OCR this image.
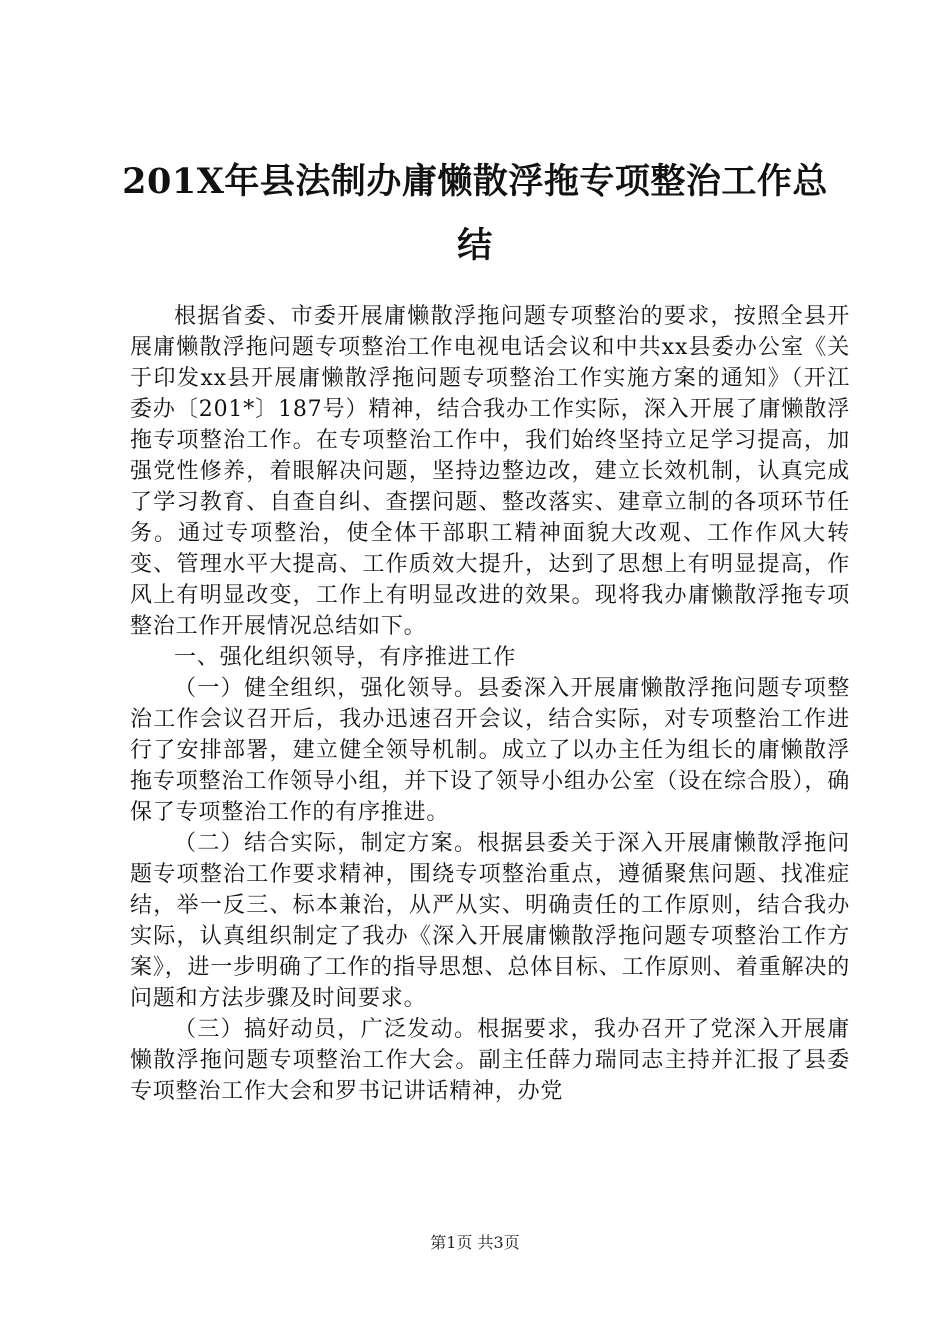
201X年县法制办庸懒散浮拖专项整治工作总
结

根据省委、市委开展庸懒散浮拖问题专项整治的要求，按照全县开展庸懒散浮拖问题专项整治工作电视电话会议和中共xx县委办公室《关于印发xx县开展庸懒散浮拖问题专项整治工作实施方案的通知》（开江委办〔201*〕187号）精神，结合我办工作实际，深入开展了庸懒散浮拖专项整治工作。在专项整治工作中，我们始终坚持立足学习提高，加强党性修养，着眼解决问题，坚持边整边改，建立长效机制，认真完成了学习教育、自查自纠、查摆问题、整改落实、建章立制的各项环节任务。通过专项整治，使全体干部职工精神面貌大改观、工作作风大转变、管理水平大提高、工作质效大提升，达到了思想上有明显提高，作风上有明显改变，工作上有明显改进的效果。现将我办庸懒散浮拖专项整治工作开展情况总结如下。

一、强化组织领导，有序推进工作

（一）健全组织，强化领导。县委深入开展庸懒散浮拖问题专项整治工作会议召开后，我办迅速召开会议，结合实际，对专项整治工作进行了安排部署，建立健全领导机制。成立了以办主任为组长的庸懒散浮拖专项整治工作领导小组，并下设了领导小组办公室（设在综合股），确保了专项整治工作的有序推进。

（二）结合实际，制定方案。根据县委关于深入开展庸懒散浮拖问题专项整治工作要求精神，围绕专项整治重点，遵循聚焦问题、找准症结，举一反三、标本兼治，从严从实、明确责任的工作原则，结合我办实际，认真组织制定了我办《深入开展庸懒散浮拖问题专项整治工作方案》，进一步明确了工作的指导思想、总体目标、工作原则、着重解决的问题和方法步骤及时间要求。

（三）搞好动员，广泛发动。根据要求，我办召开了党深入开展庸懒散浮拖问题专项整治工作大会。副主任薛力瑞同志主持并汇报了县委专项整治工作大会和罗书记讲话精神，办党

第1页 共3页
